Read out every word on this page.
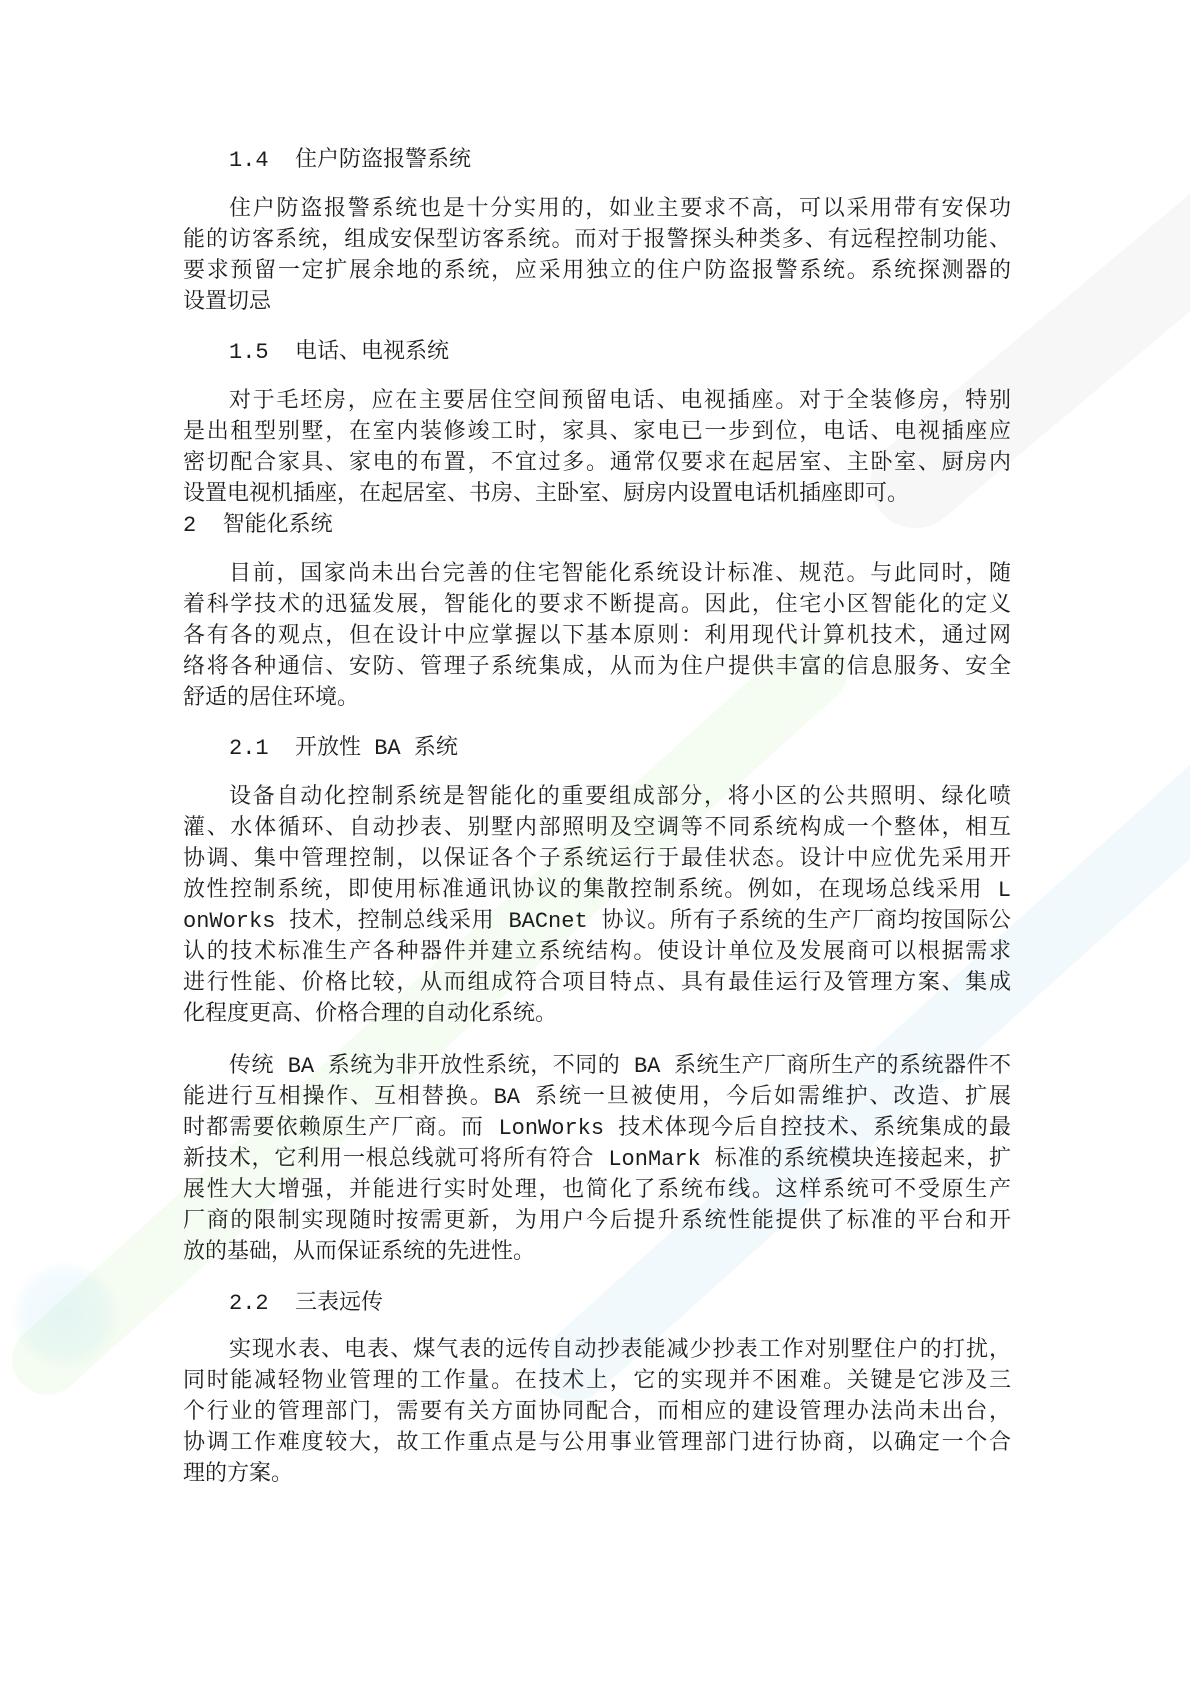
1.4  住户防盗报警系统
住户防盗报警系统也是十分实用的，如业主要求不高，可以采用带有安保功
能的访客系统，组成安保型访客系统。而对于报警探头种类多、有远程控制功能、
要求预留一定扩展余地的系统，应采用独立的住户防盗报警系统。系统探测器的
设置切忌
1.5  电话、电视系统
对于毛坯房，应在主要居住空间预留电话、电视插座。对于全装修房，特别
是出租型别墅，在室内装修竣工时，家具、家电已一步到位，电话、电视插座应
密切配合家具、家电的布置，不宜过多。通常仅要求在起居室、主卧室、厨房内
设置电视机插座，在起居室、书房、主卧室、厨房内设置电话机插座即可。
2  智能化系统
目前，国家尚未出台完善的住宅智能化系统设计标准、规范。与此同时，随
着科学技术的迅猛发展，智能化的要求不断提高。因此，住宅小区智能化的定义
各有各的观点，但在设计中应掌握以下基本原则：利用现代计算机技术，通过网
络将各种通信、安防、管理子系统集成，从而为住户提供丰富的信息服务、安全
舒适的居住环境。
2.1  开放性 BA 系统
设备自动化控制系统是智能化的重要组成部分，将小区的公共照明、绿化喷
灌、水体循环、自动抄表、别墅内部照明及空调等不同系统构成一个整体，相互
协调、集中管理控制，以保证各个子系统运行于最佳状态。设计中应优先采用开
放性控制系统，即使用标准通讯协议的集散控制系统。例如，在现场总线采用 L
onWorks 技术，控制总线采用 BACnet 协议。所有子系统的生产厂商均按国际公
认的技术标准生产各种器件并建立系统结构。使设计单位及发展商可以根据需求
进行性能、价格比较，从而组成符合项目特点、具有最佳运行及管理方案、集成
化程度更高、价格合理的自动化系统。
传统 BA 系统为非开放性系统，不同的 BA 系统生产厂商所生产的系统器件不
能进行互相操作、互相替换。BA 系统一旦被使用，今后如需维护、改造、扩展
时都需要依赖原生产厂商。而 LonWorks 技术体现今后自控技术、系统集成的最
新技术，它利用一根总线就可将所有符合 LonMark 标准的系统模块连接起来，扩
展性大大增强，并能进行实时处理，也简化了系统布线。这样系统可不受原生产
厂商的限制实现随时按需更新，为用户今后提升系统性能提供了标准的平台和开
放的基础，从而保证系统的先进性。
2.2  三表远传
实现水表、电表、煤气表的远传自动抄表能减少抄表工作对别墅住户的打扰，
同时能减轻物业管理的工作量。在技术上，它的实现并不困难。关键是它涉及三
个行业的管理部门，需要有关方面协同配合，而相应的建设管理办法尚未出台，
协调工作难度较大，故工作重点是与公用事业管理部门进行协商，以确定一个合
理的方案。
